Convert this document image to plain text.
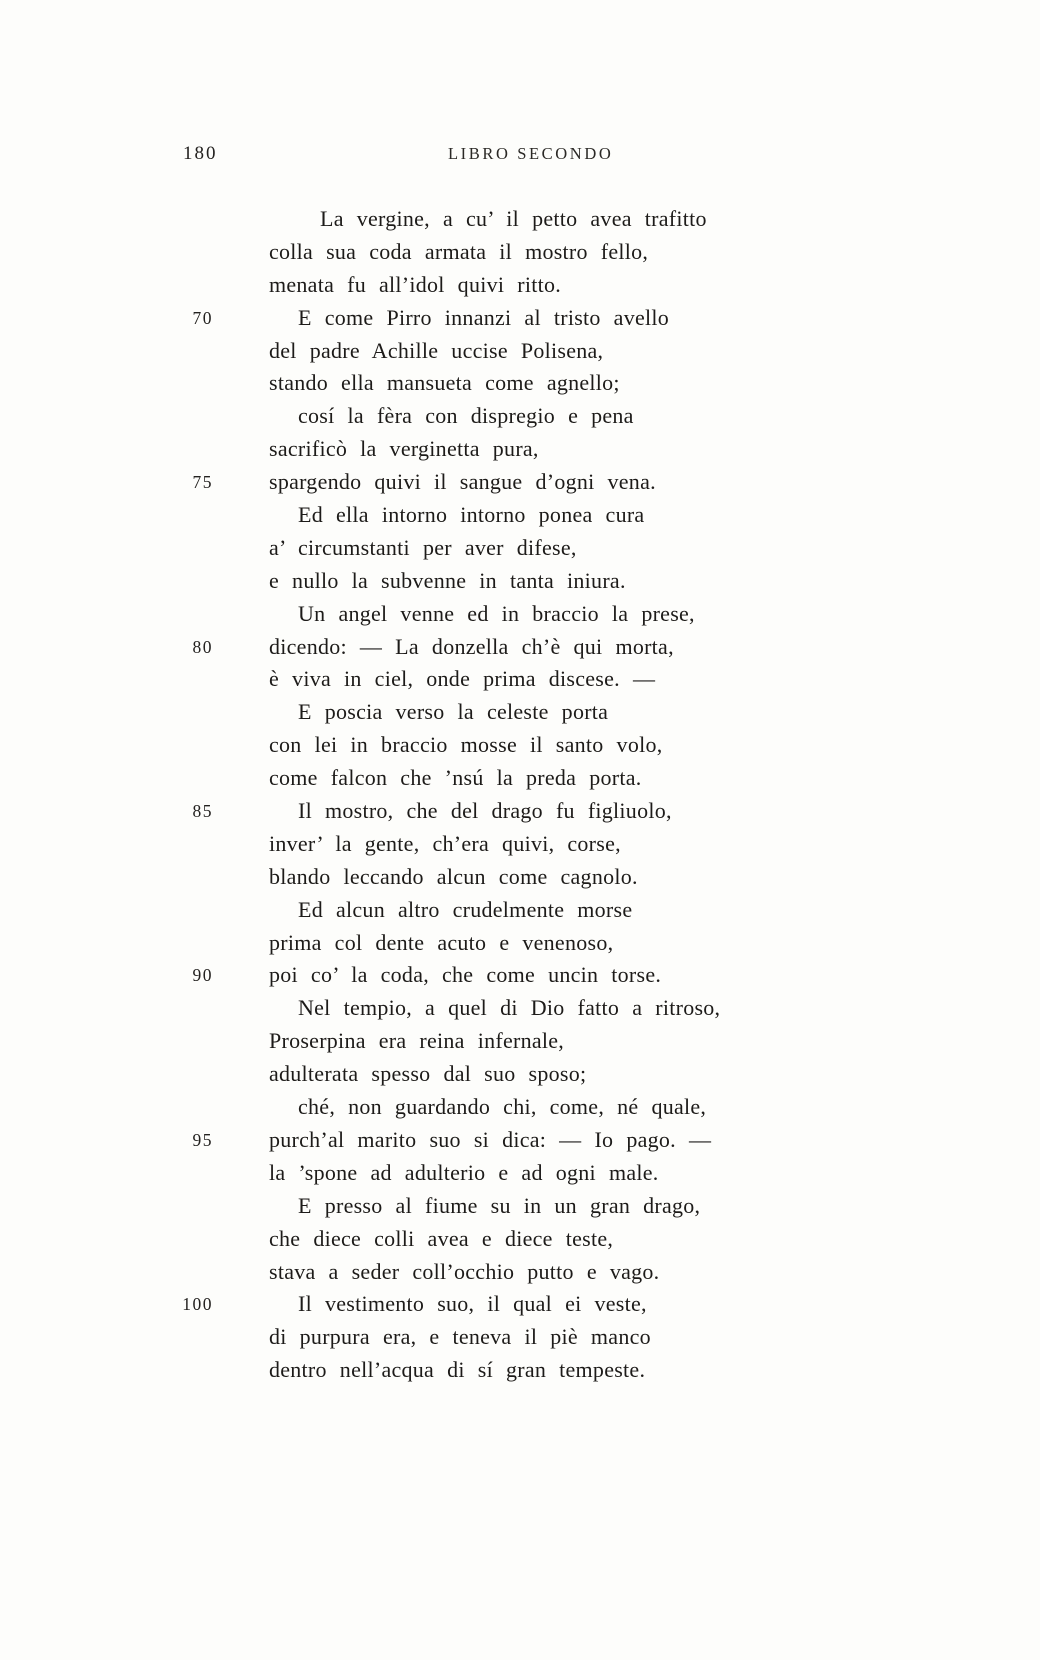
180	LIBRO SECONDO
La vergine, a cu’ il petto avea trafitto
colla sua coda armata il mostro fello,
menata fu all’idol quivi ritto.
70	E come Pirro innanzi al tristo avello
del padre Achille uccise Polisena,
stando ella mansueta come agnello;
cosí la fèra con dispregio e pena
sacrificò la verginetta pura,
75	spargendo quivi il sangue d’ogni vena.
Ed ella intorno intorno ponea cura
a’ circumstanti per aver difese,
e nullo la subvenne in tanta iniura.
Un angel venne ed in braccio la prese,
80	dicendo: — La donzella ch’è qui morta,
è viva in ciel, onde prima discese. —
E poscia verso la celeste porta
con lei in braccio mosse il santo volo,
come falcon che ’nsú la preda porta.
85	Il mostro, che del drago fu figliuolo,
inver’ la gente, ch’era quivi, corse,
blando leccando alcun come cagnolo.
Ed alcun altro crudelmente morse
prima col dente acuto e venenoso,
90	poi co’ la coda, che come uncin torse.
Nel tempio, a quel di Dio fatto a ritroso,
Proserpina era reina infernale,
adulterata spesso dal suo sposo;
ché, non guardando chi, come, né quale,
95	purch’al marito suo si dica: — Io pago. —
la ’spone ad adulterio e ad ogni male.
E presso al fiume su in un gran drago,
che diece colli avea e diece teste,
stava a seder coll’occhio putto e vago.
100	Il vestimento suo, il qual ei veste,
di purpura era, e teneva il piè manco
dentro nell’acqua di sí gran tempeste.
